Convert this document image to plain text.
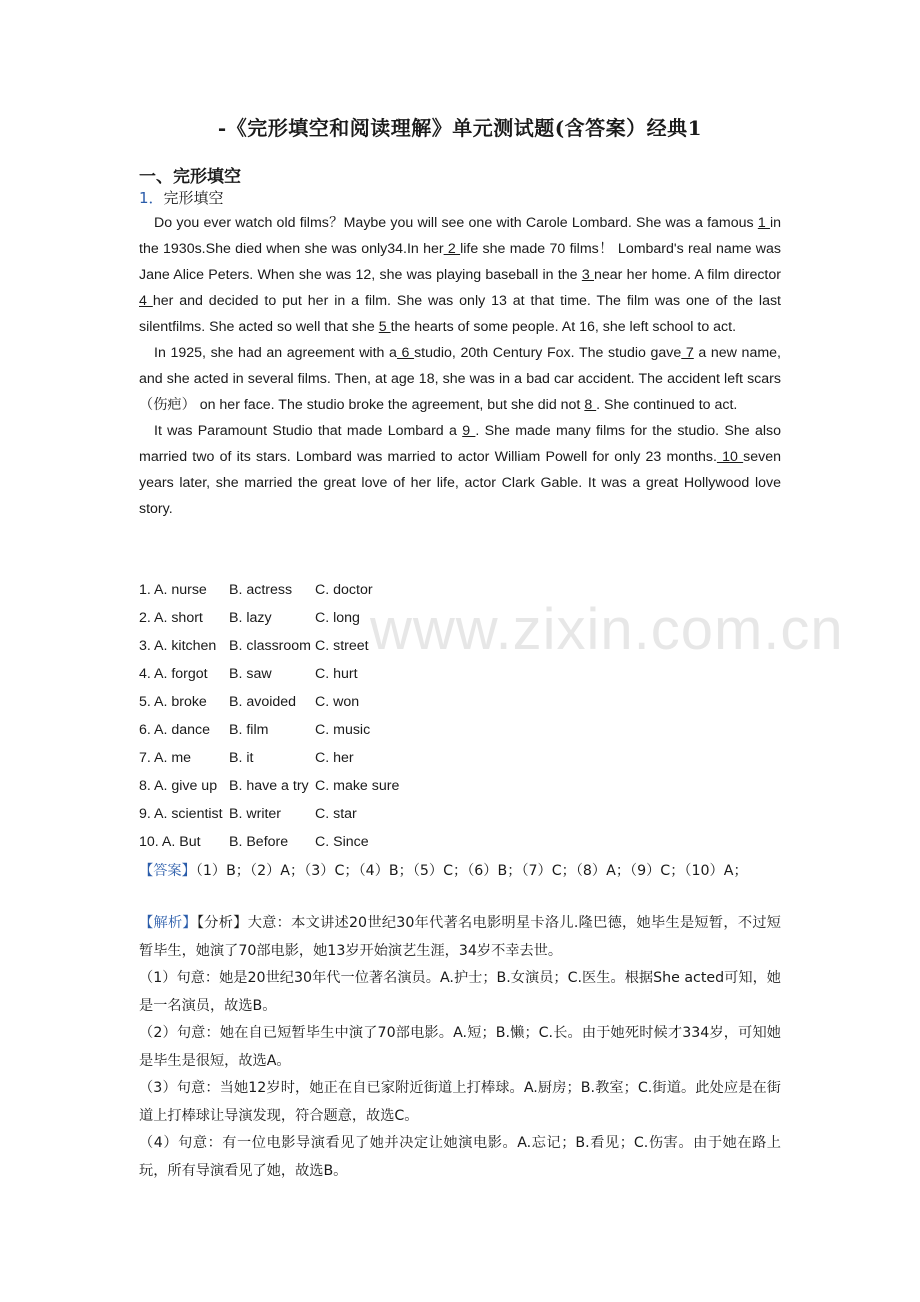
-《完形填空和阅读理解》单元测试题(含答案）经典1
一、完形填空
1．完形填空

Do you ever watch old films？Maybe you will see one with Carole Lombard. She was a famous 1 in the 1930s.She died when she was only34.In her 2 life she made 70 films！ Lombard's real name was Jane Alice Peters. When she was 12, she was playing baseball in the 3 near her home. A film director 4 her and decided to put her in a film. She was only 13 at that time. The film was one of the last silentfilms. She acted so well that she 5 the hearts of some people. At 16, she left school to act.

In 1925, she had an agreement with a 6 studio, 20th Century Fox. The studio gave 7 a new name, and she acted in several films. Then, at age 18, she was in a bad car accident. The accident left scars（伤疤） on her face. The studio broke the agreement, but she did not 8 . She continued to act.

It was Paramount Studio that made Lombard a 9 . She made many films for the studio. She also married two of its stars. Lombard was married to actor William Powell for only 23 months. 10 seven years later, she married the great love of her life, actor Clark Gable. It was a great Hollywood love story.

1. A. nurse B. actress C. doctor
2. A. short B. lazy	C. long
3. A. kitchen B. classroom C. street
4. A. forgot B. saw	C. hurt
5. A. broke B. avoided C. won
6. A. dance B. film	C. music
7. A. me	B. it	C. her
8. A. give up B. have a try C. make sure
9. A. scientist B. writer C. star
10. A. But B. Before C. Since
【答案】（1）B；（2）A；（3）C；（4）B；（5）C；（6）B；（7）C；（8）A；（9）C；（10）A；

【解析】【分析】大意：本文讲述20世纪30年代著名电影明星卡洛儿.隆巴德，她毕生是短暂，不过短暂毕生，她演了70部电影，她13岁开始演艺生涯，34岁不幸去世。

（1）句意：她是20世纪30年代一位著名演员。A.护士；B.女演员；C.医生。根据She acted可知，她是一名演员，故选B。

（2）句意：她在自已短暂毕生中演了70部电影。A.短；B.懒；C.长。由于她死时候才334岁，可知她是毕生是很短，故选A。

（3）句意：当她12岁时，她正在自已家附近街道上打棒球。A.厨房；B.教室；C.街道。此处应是在街道上打棒球让导演发现，符合题意，故选C。

（4）句意：有一位电影导演看见了她并决定让她演电影。A.忘记；B.看见；C.伤害。由于她在路上玩，所有导演看见了她，故选B。

www.zixin.com.cn
